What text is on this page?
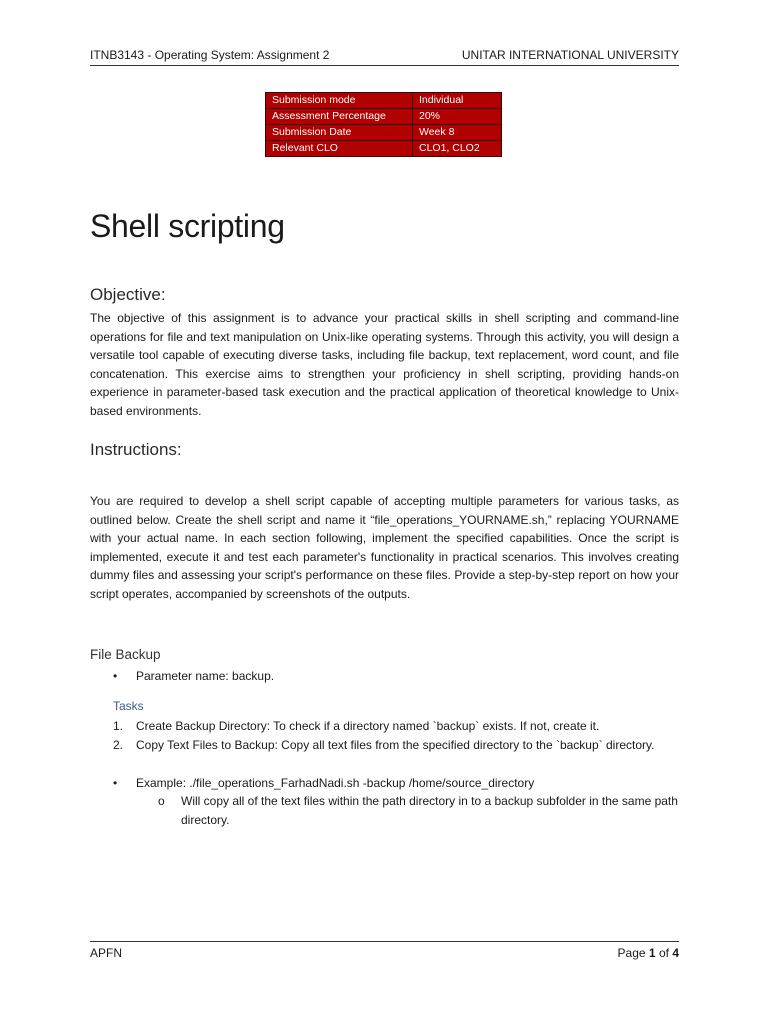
ITNB3143 - Operating System: Assignment 2	UNITAR INTERNATIONAL UNIVERSITY
Submission mode	Individual
Assessment Percentage	20%
Submission Date	Week 8
Relevant CLO	CLO1, CLO2
Shell scripting
Objective:
The objective of this assignment is to advance your practical skills in shell scripting and command-line operations for file and text manipulation on Unix-like operating systems. Through this activity, you will design a versatile tool capable of executing diverse tasks, including file backup, text replacement, word count, and file concatenation. This exercise aims to strengthen your proficiency in shell scripting, providing hands-on experience in parameter-based task execution and the practical application of theoretical knowledge to Unix-based environments.
Instructions:
You are required to develop a shell script capable of accepting multiple parameters for various tasks, as outlined below. Create the shell script and name it “file_operations_YOURNAME.sh,” replacing YOURNAME with your actual name. In each section following, implement the specified capabilities. Once the script is implemented, execute it and test each parameter's functionality in practical scenarios. This involves creating dummy files and assessing your script's performance on these files. Provide a step-by-step report on how your script operates, accompanied by screenshots of the outputs.
File Backup
• Parameter name: backup.
Tasks
1. Create Backup Directory: To check if a directory named `backup` exists. If not, create it.
2. Copy Text Files to Backup: Copy all text files from the specified directory to the `backup` directory.
• Example: ./file_operations_FarhadNadi.sh -backup /home/source_directory
o Will copy all of the text files within the path directory in to a backup subfolder in the same path directory.
APFN	Page 1 of 4
